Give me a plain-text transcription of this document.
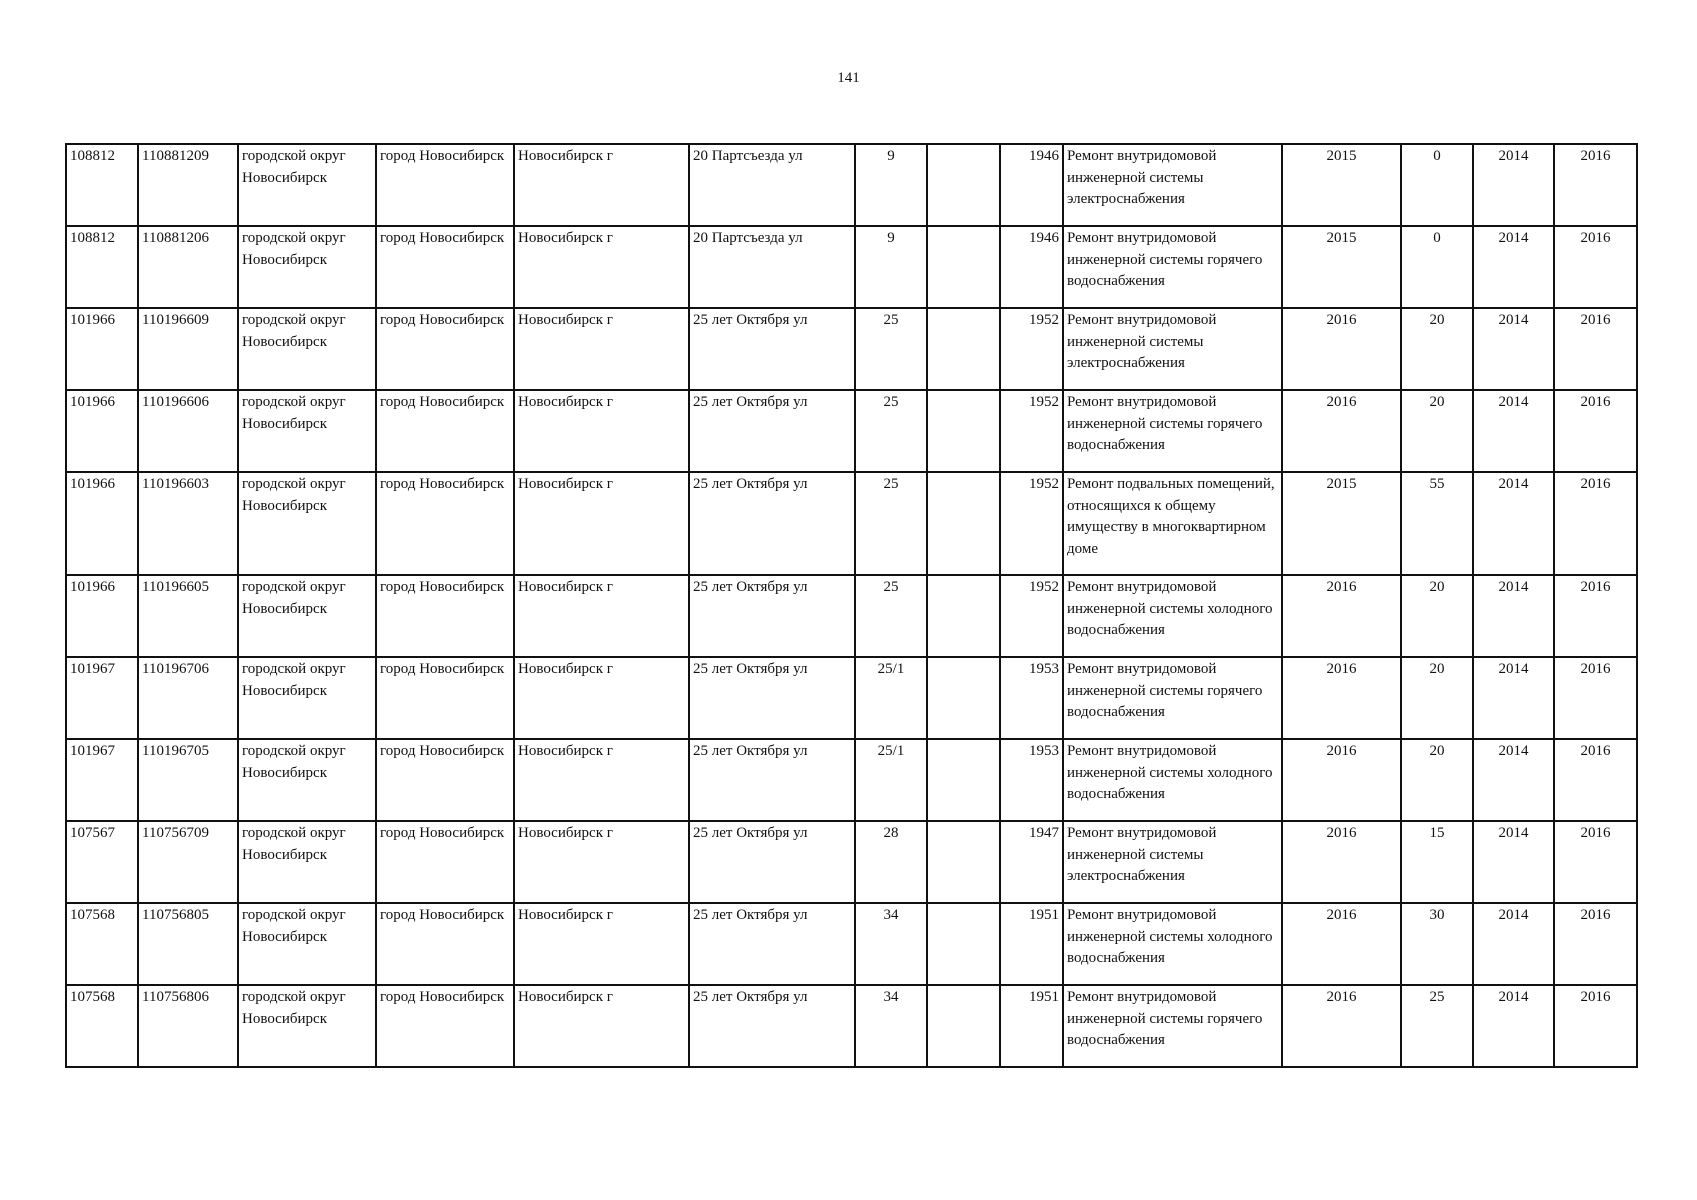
141
108812	110881209	городской округ Новосибирск	город Новосибирск	Новосибирск г	20 Партсъезда ул	9		1946	Ремонт внутридомовой инженерной системы электроснабжения	2015	0	2014	2016
108812	110881206	городской округ Новосибирск	город Новосибирск	Новосибирск г	20 Партсъезда ул	9		1946	Ремонт внутридомовой инженерной системы горячего водоснабжения	2015	0	2014	2016
101966	110196609	городской округ Новосибирск	город Новосибирск	Новосибирск г	25 лет Октября ул	25		1952	Ремонт внутридомовой инженерной системы электроснабжения	2016	20	2014	2016
101966	110196606	городской округ Новосибирск	город Новосибирск	Новосибирск г	25 лет Октября ул	25		1952	Ремонт внутридомовой инженерной системы горячего водоснабжения	2016	20	2014	2016
101966	110196603	городской округ Новосибирск	город Новосибирск	Новосибирск г	25 лет Октября ул	25		1952	Ремонт подвальных помещений, относящихся к общему имуществу в многоквартирном доме	2015	55	2014	2016
101966	110196605	городской округ Новосибирск	город Новосибирск	Новосибирск г	25 лет Октября ул	25		1952	Ремонт внутридомовой инженерной системы холодного водоснабжения	2016	20	2014	2016
101967	110196706	городской округ Новосибирск	город Новосибирск	Новосибирск г	25 лет Октября ул	25/1		1953	Ремонт внутридомовой инженерной системы горячего водоснабжения	2016	20	2014	2016
101967	110196705	городской округ Новосибирск	город Новосибирск	Новосибирск г	25 лет Октября ул	25/1		1953	Ремонт внутридомовой инженерной системы холодного водоснабжения	2016	20	2014	2016
107567	110756709	городской округ Новосибирск	город Новосибирск	Новосибирск г	25 лет Октября ул	28		1947	Ремонт внутридомовой инженерной системы электроснабжения	2016	15	2014	2016
107568	110756805	городской округ Новосибирск	город Новосибирск	Новосибирск г	25 лет Октября ул	34		1951	Ремонт внутридомовой инженерной системы холодного водоснабжения	2016	30	2014	2016
107568	110756806	городской округ Новосибирск	город Новосибирск	Новосибирск г	25 лет Октября ул	34		1951	Ремонт внутридомовой инженерной системы горячего водоснабжения	2016	25	2014	2016
